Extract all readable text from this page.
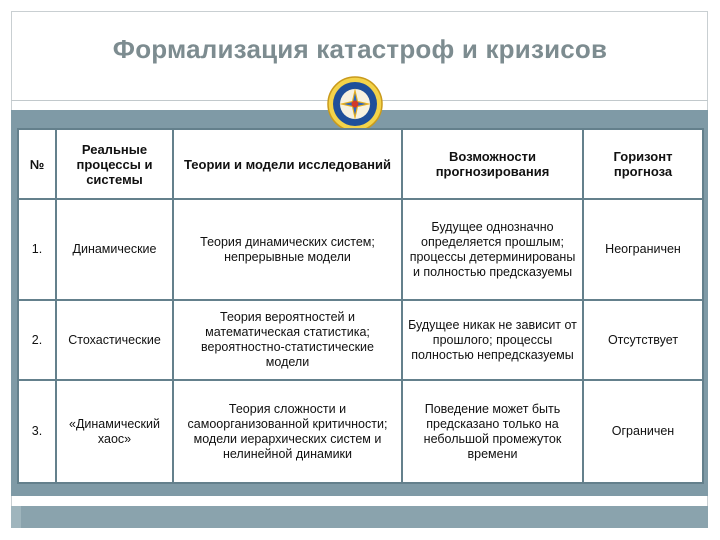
Формализация катастроф и кризисов
№	Реальные процессы и системы	Теории и модели исследований	Возможности прогнозирования	Горизонт прогноза
1.	Динамические	Теория динамических систем; непрерывные модели	Будущее однозначно определяется прошлым; процессы детерминированы и полностью предсказуемы	Неограничен
2.	Стохастические	Теория вероятностей и математическая статистика; вероятностно-статистические модели	Будущее никак не зависит от прошлого; процессы полностью непредсказуемы	Отсутствует
3.	«Динамический хаос»	Теория сложности и самоорганизованной критичности; модели иерархических систем и нелинейной динамики	Поведение может быть предсказано только на небольшой промежуток времени	Ограничен
